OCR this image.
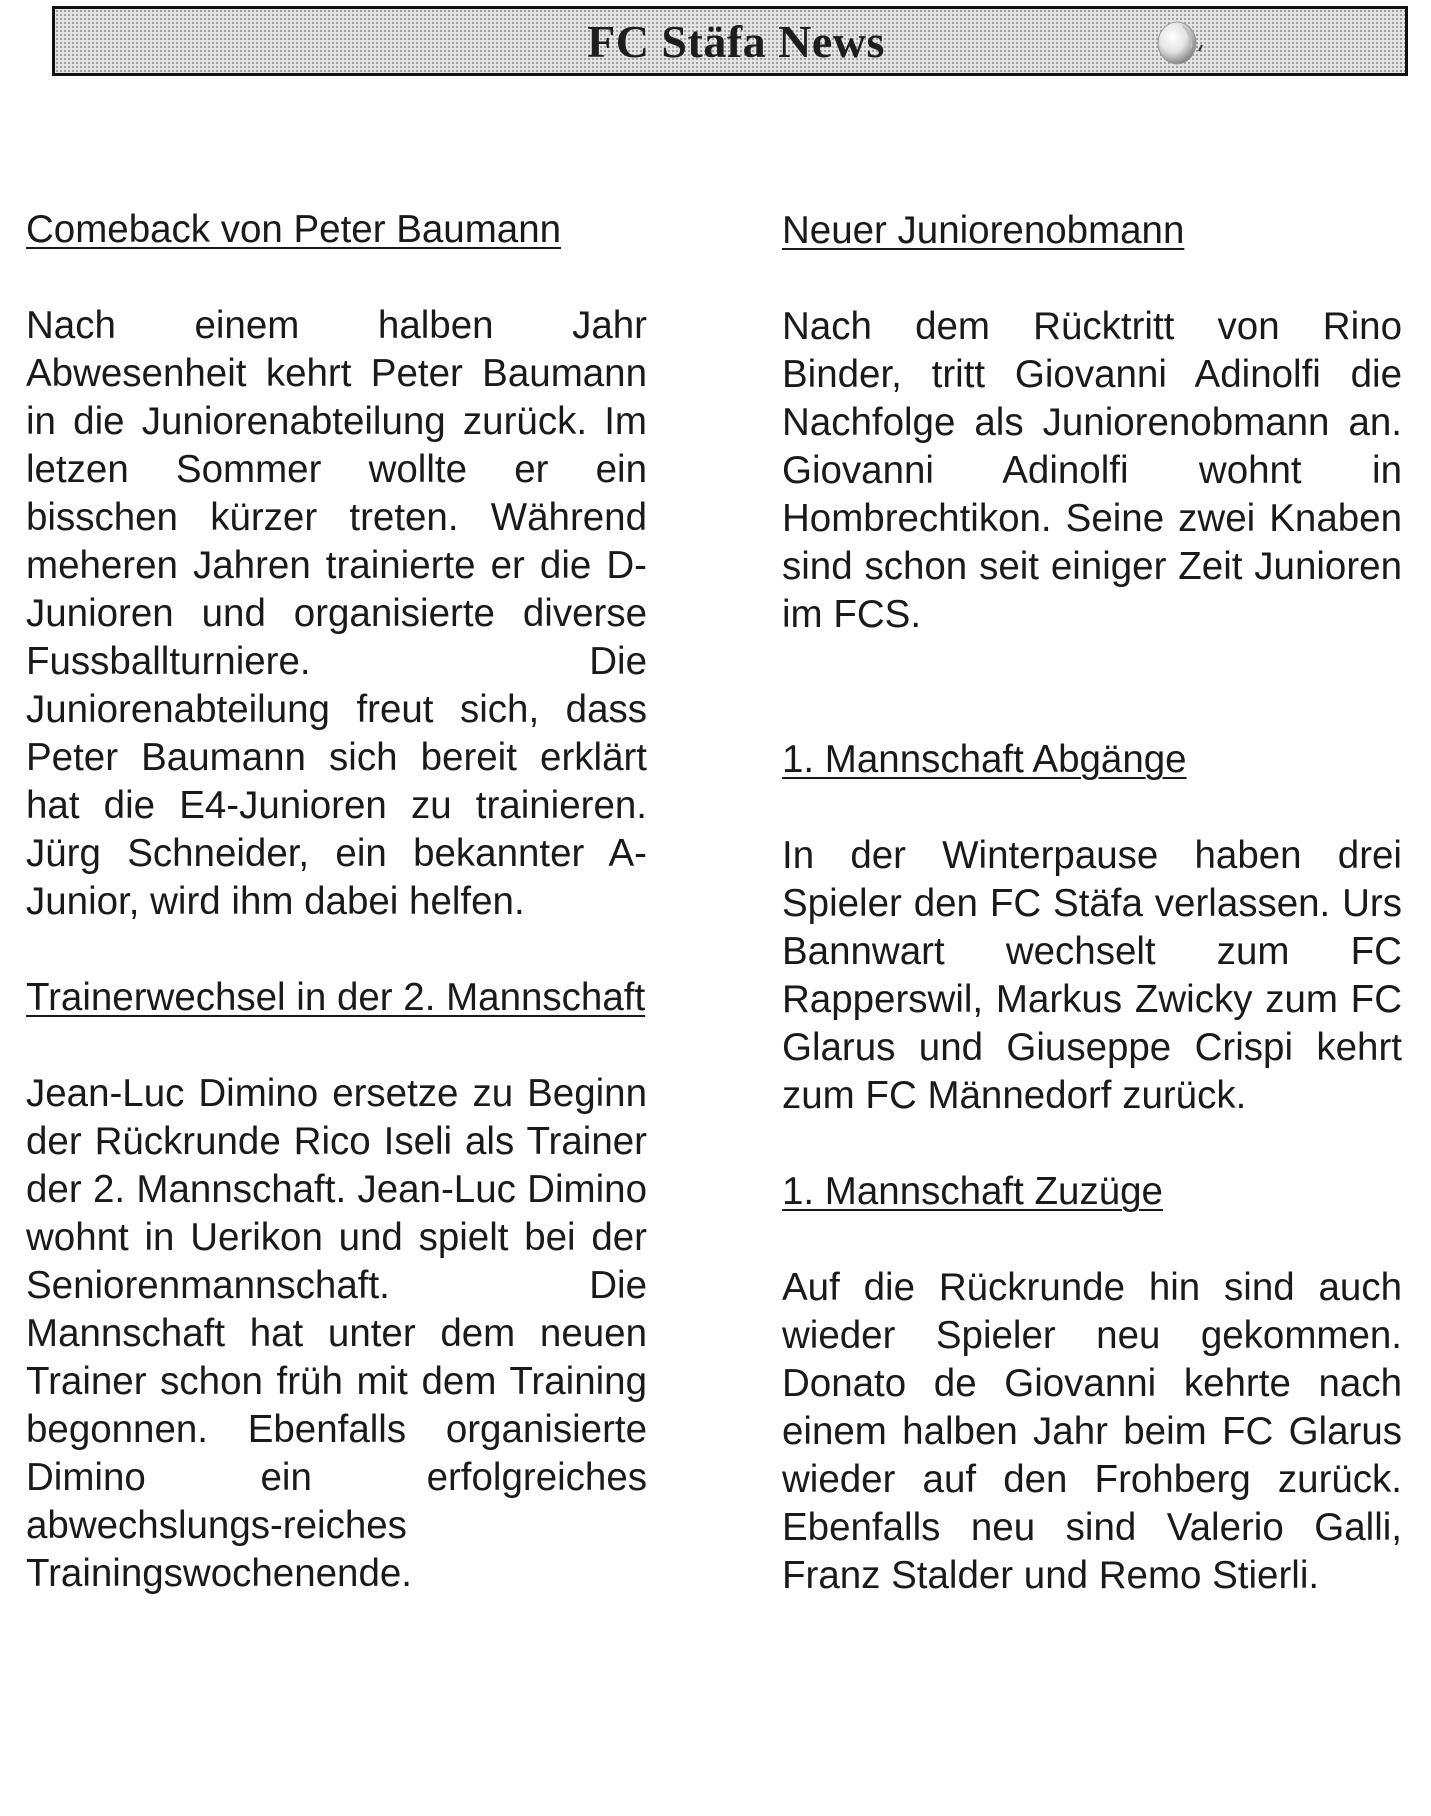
FC Stäfa News
Comeback von Peter Baumann

Nach einem halben Jahr Abwesenheit kehrt Peter Baumann in die Juniorenabteilung zurück. Im letzen Sommer wollte er ein bisschen kürzer treten. Während meheren Jahren trainierte er die D-Junioren und organisierte diverse Fussballturniere. Die Juniorenabteilung freut sich, dass Peter Baumann sich bereit erklärt hat die E4-Junioren zu trainieren. Jürg Schneider, ein bekannter A-Junior, wird ihm dabei helfen.

Trainerwechsel in der 2. Mannschaft

Jean-Luc Dimino ersetze zu Beginn der Rückrunde Rico Iseli als Trainer der 2. Mannschaft. Jean-Luc Dimino wohnt in Uerikon und spielt bei der Seniorenmannschaft. Die Mannschaft hat unter dem neuen Trainer schon früh mit dem Training begonnen. Ebenfalls organisierte Dimino ein erfolgreiches abwechslungs-reiches Trainingswochenende.

Neuer Juniorenobmann

Nach dem Rücktritt von Rino Binder, tritt Giovanni Adinolfi die Nachfolge als Juniorenobmann an. Giovanni Adinolfi wohnt in Hombrechtikon. Seine zwei Knaben sind schon seit einiger Zeit Junioren im FCS.

1. Mannschaft Abgänge

In der Winterpause haben drei Spieler den FC Stäfa verlassen. Urs Bannwart wechselt zum FC Rapperswil, Markus Zwicky zum FC Glarus und Giuseppe Crispi kehrt zum FC Männedorf zurück.

1. Mannschaft Zuzüge

Auf die Rückrunde hin sind auch wieder Spieler neu gekommen. Donato de Giovanni kehrte nach einem halben Jahr beim FC Glarus wieder auf den Frohberg zurück. Ebenfalls neu sind Valerio Galli, Franz Stalder und Remo Stierli.
